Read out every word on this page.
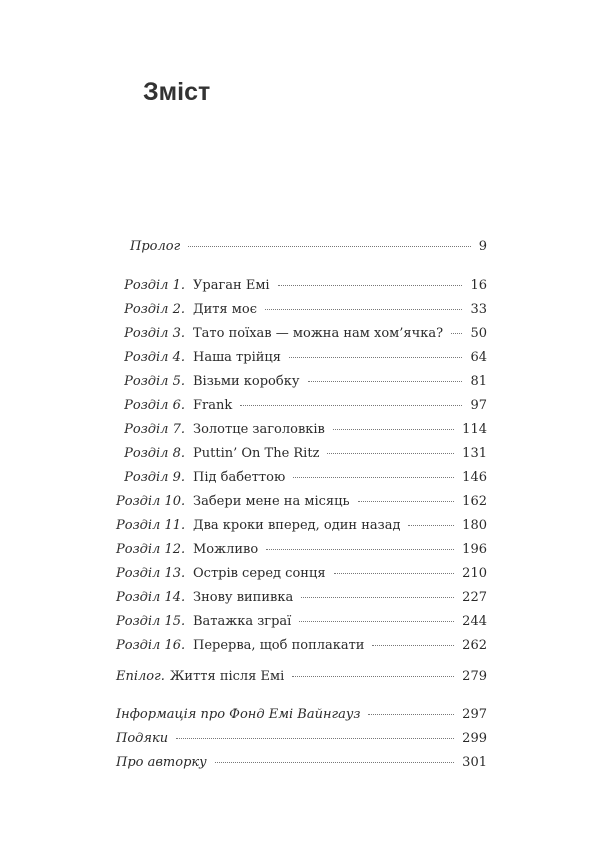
Зміст
Пролог	9
Розділ 1. Ураган Емі	16
Розділ 2. Дитя моє	33
Розділ 3. Тато поїхав — можна нам хом’ячка? 50
Розділ 4. Наша трійця	64
Розділ 5. Візьми коробку	81
Розділ 6. Frank	97
Розділ 7. Золотце заголовків	114
Розділ 8. Puttin’ On The Ritz	131
Розділ 9. Під бабеттою	146
Розділ 10. Забери мене на місяць	162
Розділ 11. Два кроки вперед, один назад	180
Розділ 12. Можливо	196
Розділ 13. Острів серед сонця	210
Розділ 14. Знову випивка	227
Розділ 15. Ватажка зграї	244
Розділ 16. Перерва, щоб поплакати	262
Епілог. Життя після Емі	279
Інформація про Фонд Емі Вайнгауз	297
Подяки	299
Про авторку	301
